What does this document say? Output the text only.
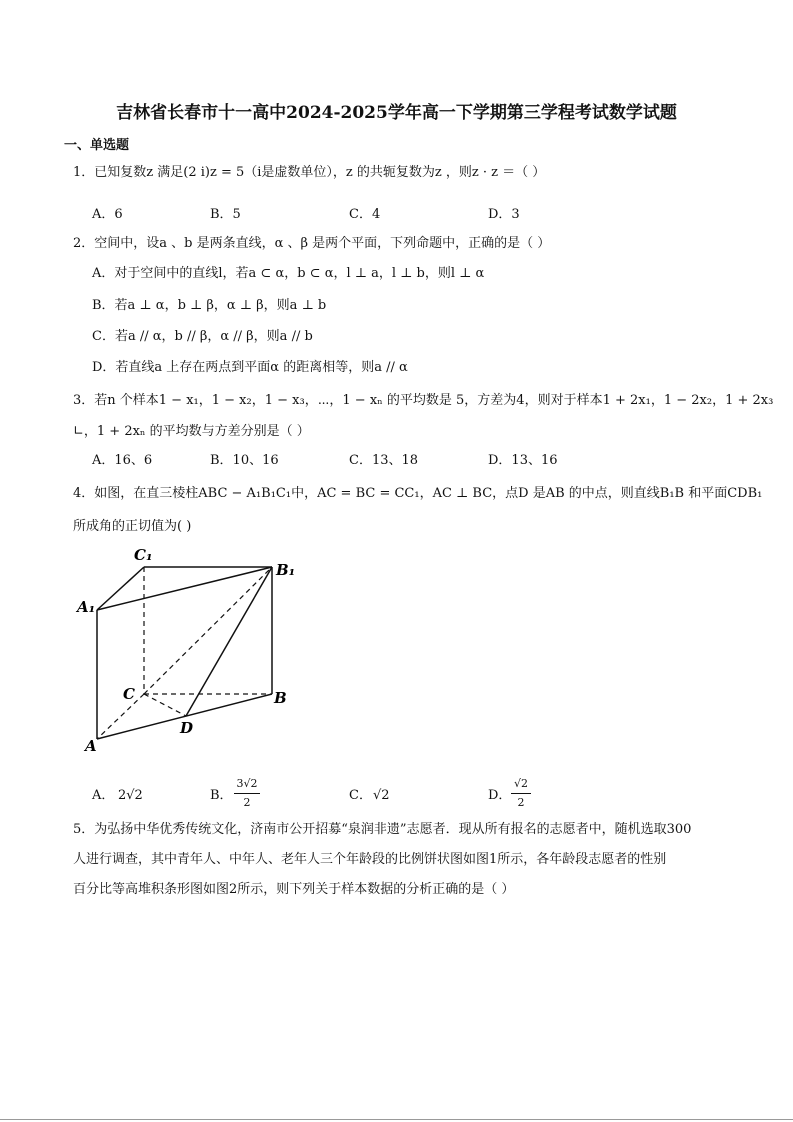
吉林省长春市十一高中2024-2025学年高一下学期第三学程考试数学试题
一、单选题
1．已知复数z 满足(2 i)z = 5（i是虚数单位），z 的共轭复数为z ，则z · z ＝（ ）
A．6	B．5	C．4	D．3
2．空间中，设a 、b 是两条直线，α 、β 是两个平面，下列命题中，正确的是（ ）
A．对于空间中的直线l，若a ⊂ α，b ⊂ α，l ⊥ a，l ⊥ b，则l ⊥ α
B．若a ⊥ α，b ⊥ β，α ⊥ β，则a ⊥ b
C．若a // α，b // β，α // β，则a // b
D．若直线a 上存在两点到平面α 的距离相等，则a // α
3．若n 个样本1 − x₁，1 − x₂，1 − x₃，⋯，1 − xₙ 的平均数是 5，方差为4，则对于样本1 + 2x₁，1 − 2x₂，1 + 2x₃
∟，1 + 2xₙ 的平均数与方差分别是（ ）
A．16、6	B．10、16	C．13、18	D．13、16
4．如图，在直三棱柱ABC − A₁B₁C₁中，AC = BC = CC₁，AC ⊥ BC，点D 是AB 的中点，则直线B₁B 和平面CDB₁
所成角的正切值为( )
C₁
B₁
A₁
C	B
A
D
A． 2√2	B．
3√2
2	C． √2	D．
√2
2
5．为弘扬中华优秀传统文化，济南市公开招募“泉润非遗”志愿者．现从所有报名的志愿者中，随机选取300
人进行调查，其中青年人、中年人、老年人三个年龄段的比例饼状图如图1所示，各年龄段志愿者的性别
百分比等高堆积条形图如图2所示，则下列关于样本数据的分析正确的是（ ）
